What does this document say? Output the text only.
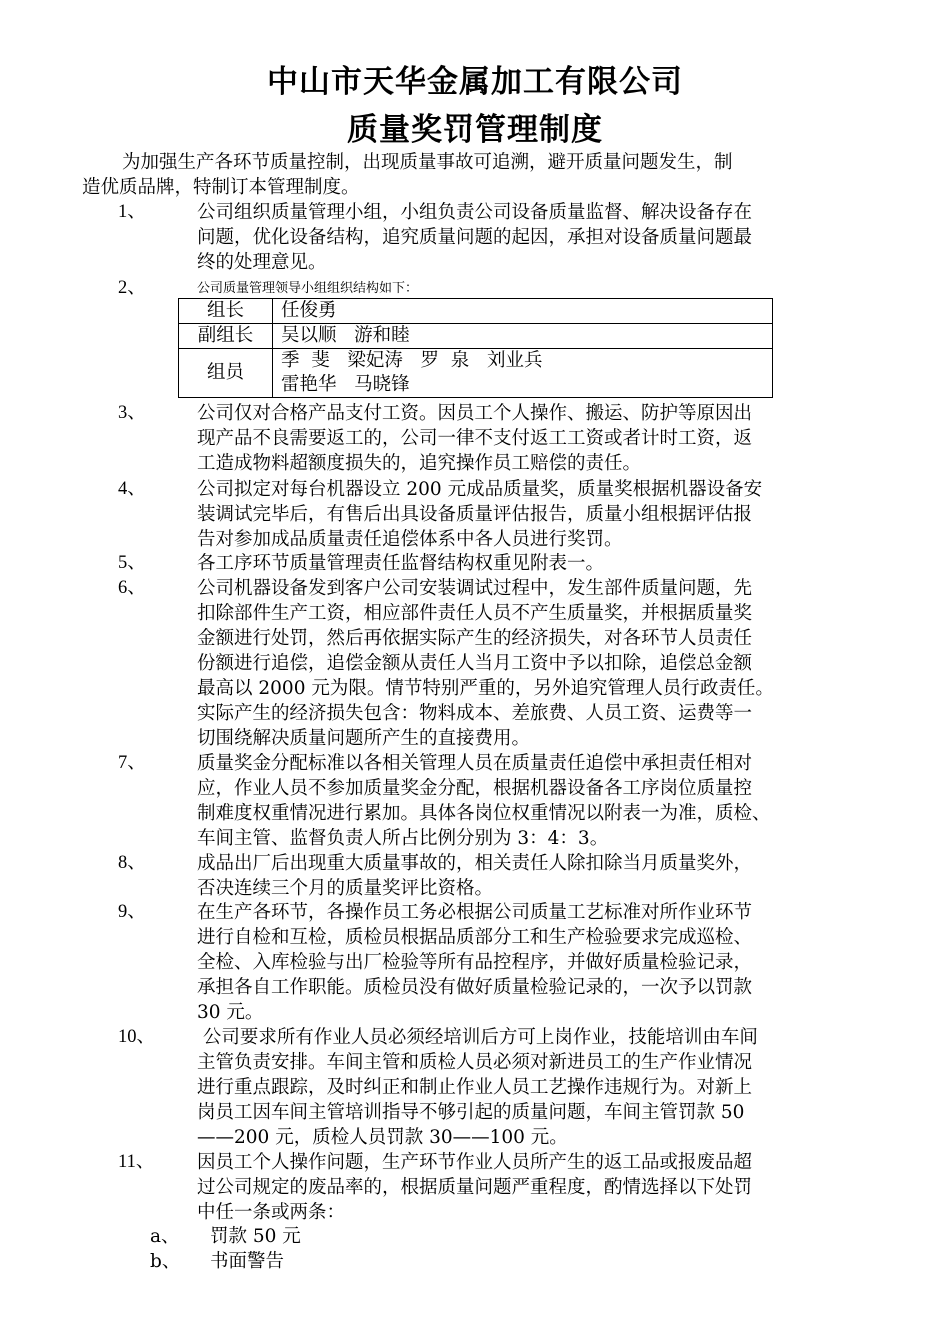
中山市天华金属加工有限公司
质量奖罚管理制度
为加强生产各环节质量控制，出现质量事故可追溯，避开质量问题发生，制
造优质品牌，特制订本管理制度。
1、	公司组织质量管理小组，小组负责公司设备质量监督、解决设备存在
问题，优化设备结构，追究质量问题的起因，承担对设备质量问题最
终的处理意见。
2、	公司质量管理领导小组组织结构如下：
3、	公司仅对合格产品支付工资。因员工个人操作、搬运、防护等原因出
现产品不良需要返工的，公司一律不支付返工工资或者计时工资，返
工造成物料超额度损失的，追究操作员工赔偿的责任。
4、	公司拟定对每台机器设立 200 元成品质量奖，质量奖根据机器设备安
装调试完毕后，有售后出具设备质量评估报告，质量小组根据评估报
告对参加成品质量责任追偿体系中各人员进行奖罚。
5、	各工序环节质量管理责任监督结构权重见附表一。
6、	公司机器设备发到客户公司安装调试过程中，发生部件质量问题，先
扣除部件生产工资，相应部件责任人员不产生质量奖，并根据质量奖
金额进行处罚，然后再依据实际产生的经济损失，对各环节人员责任
份额进行追偿，追偿金额从责任人当月工资中予以扣除，追偿总金额
最高以 2000 元为限。情节特别严重的，另外追究管理人员行政责任。
实际产生的经济损失包含：物料成本、差旅费、人员工资、运费等一
切围绕解决质量问题所产生的直接费用。
7、	质量奖金分配标准以各相关管理人员在质量责任追偿中承担责任相对
应，作业人员不参加质量奖金分配，根据机器设备各工序岗位质量控
制难度权重情况进行累加。具体各岗位权重情况以附表一为准，质检、
车间主管、监督负责人所占比例分别为 3：4：3。
8、	成品出厂后出现重大质量事故的，相关责任人除扣除当月质量奖外，
否决连续三个月的质量奖评比资格。
9、	在生产各环节，各操作员工务必根据公司质量工艺标准对所作业环节
进行自检和互检，质检员根据品质部分工和生产检验要求完成巡检、
全检、入库检验与出厂检验等所有品控程序，并做好质量检验记录，
承担各自工作职能。质检员没有做好质量检验记录的，一次予以罚款
30 元。
10、 公司要求所有作业人员必须经培训后方可上岗作业，技能培训由车间
主管负责安排。车间主管和质检人员必须对新进员工的生产作业情况
进行重点跟踪，及时纠正和制止作业人员工艺操作违规行为。对新上
岗员工因车间主管培训指导不够引起的质量问题，车间主管罚款 50
——200 元，质检人员罚款 30——100 元。
11、 因员工个人操作问题，生产环节作业人员所产生的返工品或报废品超
过公司规定的废品率的，根据质量问题严重程度，酌情选择以下处罚
中任一条或两条：
组长	任俊勇

副组长	吴以顺   游和睦

组员	季  斐   梁妃涛   罗  泉   刘业兵
雷艳华   马晓锋
a、 罚款 50 元
b、 书面警告
